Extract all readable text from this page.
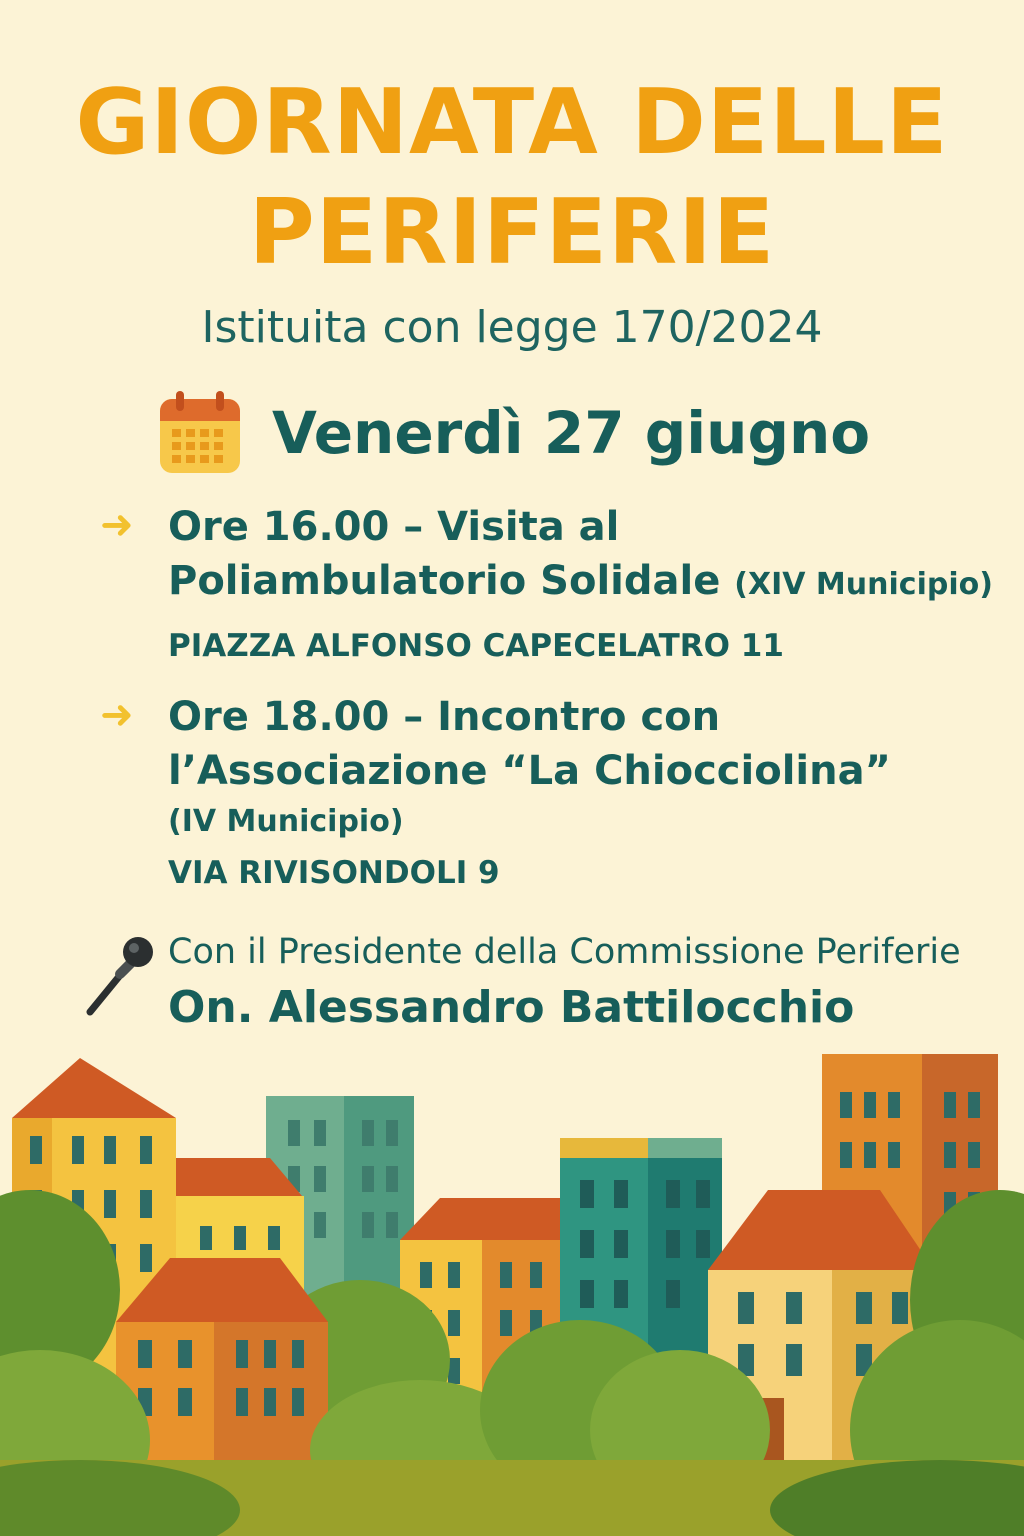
GIORNATA DELLE
PERIFERIE
Istituita con legge 170/2024
Venerdì 27 giugno
➜ Ore 16.00 – Visita al
Poliambulatorio Solidale (XIV Municipio)
PIAZZA ALFONSO CAPECELATRO 11
➜ Ore 18.00 – Incontro con
l’Associazione “La Chiocciolina”
(IV Municipio)
VIA RIVISONDOLI 9
Con il Presidente della Commissione Periferie
On. Alessandro Battilocchio
